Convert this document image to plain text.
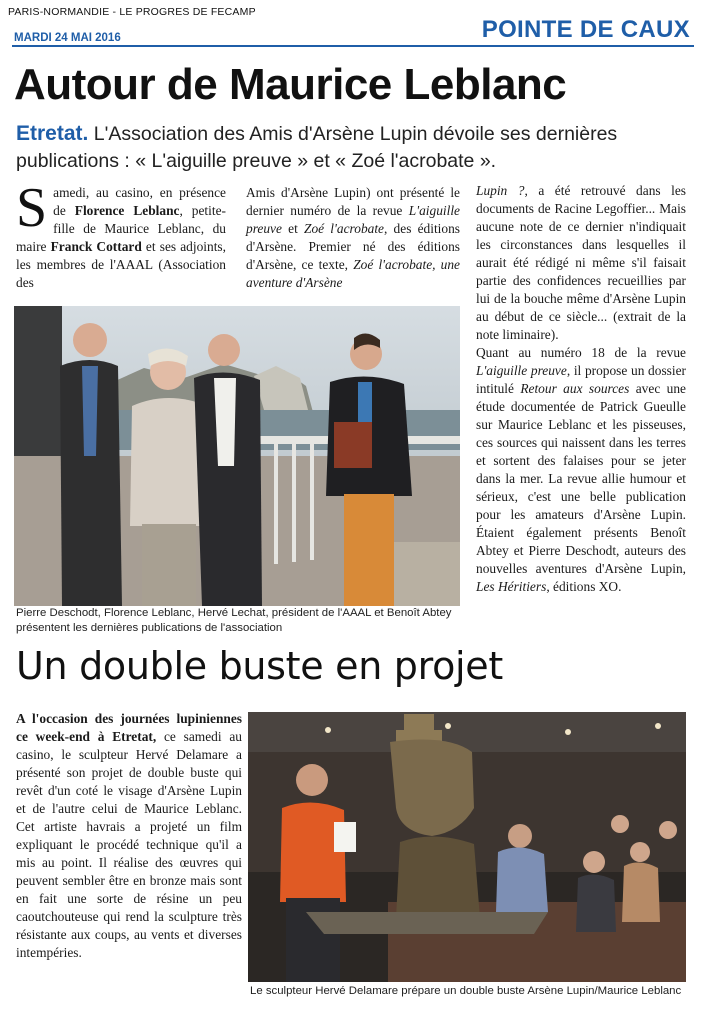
PARIS-NORMANDIE - LE PROGRES DE FECAMP
MARDI 24 MAI 2016	POINTE DE CAUX
Autour de Maurice Leblanc
Etretat. L'Association des Amis d'Arsène Lupin dévoile ses dernières publications : « L'aiguille preuve » et « Zoé l'acrobate ».
Samedi, au casino, en présence de Florence Leblanc, petite-fille de Maurice Leblanc, du maire Franck Cottard et ses adjoints, les membres de l'AAAL (Association des
Amis d'Arsène Lupin) ont présenté le dernier numéro de la revue L'aiguille preuve et Zoé l'acrobate, des éditions d'Arsène. Premier né des éditions d'Arsène, ce texte, Zoé l'acrobate, une aventure d'Arsène
Lupin ?, a été retrouvé dans les documents de Racine Legoffier... Mais aucune note de ce dernier n'indiquait les circonstances dans lesquelles il aurait été rédigé ni même s'il faisait partie des confidences recueillies par lui de la bouche même d'Arsène Lupin au début de ce siècle... (extrait de la note liminaire).
Quant au numéro 18 de la revue L'aiguille preuve, il propose un dossier intitulé Retour aux sources avec une étude documentée de Patrick Gueulle sur Maurice Leblanc et les pisseuses, ces sources qui naissent dans les terres et sortent des falaises pour se jeter dans la mer. La revue allie humour et sérieux, c'est une belle publication pour les amateurs d'Arsène Lupin. Étaient également présents Benoît Abtey et Pierre Deschodt, auteurs des nouvelles aventures d'Arsène Lupin, Les Héritiers, éditions XO.
Pierre Deschodt, Florence Leblanc, Hervé Lechat, président de l'AAAL et Benoît Abtey présentent les dernières publications de l'association
Un double buste en projet
A l'occasion des journées lupiniennes ce week-end à Etretat, ce samedi au casino, le sculpteur Hervé Delamare a présenté son projet de double buste qui revêt d'un coté le visage d'Arsène Lupin et de l'autre celui de Maurice Leblanc. Cet artiste havrais a projeté un film expliquant le procédé technique qu'il a mis au point. Il réalise des œuvres qui peuvent sembler être en bronze mais sont en fait une sorte de résine un peu caoutchouteuse qui rend la sculpture très résistante aux coups, au vents et diverses intempéries.
Le sculpteur Hervé Delamare prépare un double buste Arsène Lupin/Maurice Leblanc
